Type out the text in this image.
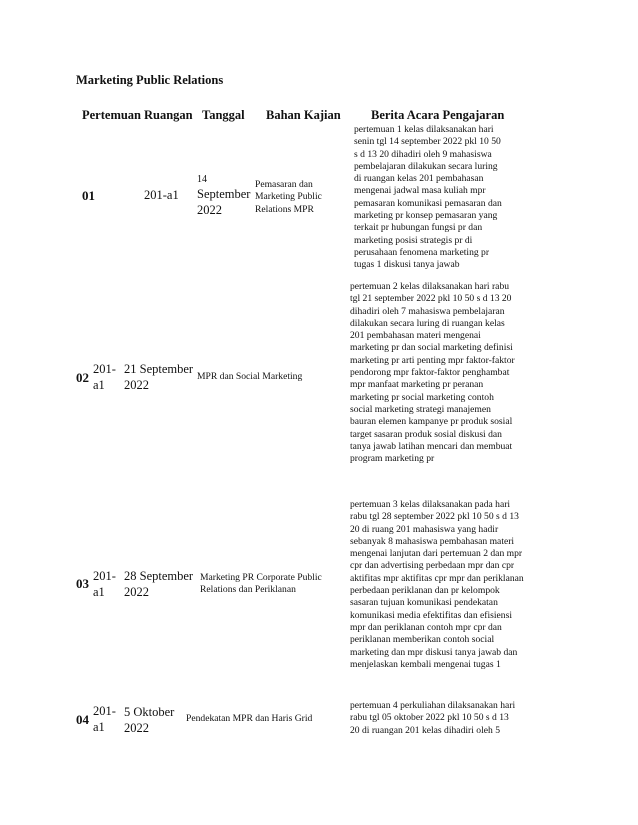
Marketing Public Relations
Pertemuan Ruangan Tanggal Bahan Kajian Berita Acara Pengajaran
01	201-a1
14
September
2022
Pemasaran dan
Marketing Public
Relations MPR
pertemuan 1 kelas dilaksanakan hari
senin tgl 14 september 2022 pkl 10 50
s d 13 20 dihadiri oleh 9 mahasiswa
pembelajaran dilakukan secara luring
di ruangan kelas 201 pembahasan
mengenai jadwal masa kuliah mpr
pemasaran komunikasi pemasaran dan
marketing pr konsep pemasaran yang
terkait pr hubungan fungsi pr dan
marketing posisi strategis pr di
perusahaan fenomena marketing pr
tugas 1 diskusi tanya jawab
02
201-
a1
21 September
2022
MPR dan Social Marketing
pertemuan 2 kelas dilaksanakan hari rabu
tgl 21 september 2022 pkl 10 50 s d 13 20
dihadiri oleh 7 mahasiswa pembelajaran
dilakukan secara luring di ruangan kelas
201 pembahasan materi mengenai
marketing pr dan social marketing definisi
marketing pr arti penting mpr faktor-faktor
pendorong mpr faktor-faktor penghambat
mpr manfaat marketing pr peranan
marketing pr social marketing contoh
social marketing strategi manajemen
bauran elemen kampanye pr produk sosial
target sasaran produk sosial diskusi dan
tanya jawab latihan mencari dan membuat
program marketing pr
03 201-
a1
28 September
2022
Marketing PR Corporate Public
Relations dan Periklanan
pertemuan 3 kelas dilaksanakan pada hari
rabu tgl 28 september 2022 pkl 10 50 s d 13
20 di ruang 201 mahasiswa yang hadir
sebanyak 8 mahasiswa pembahasan materi
mengenai lanjutan dari pertemuan 2 dan mpr
cpr dan advertising perbedaan mpr dan cpr
aktifitas mpr aktifitas cpr mpr dan periklanan
perbedaan periklanan dan pr kelompok
sasaran tujuan komunikasi pendekatan
komunikasi media efektifitas dan efisiensi
mpr dan periklanan contoh mpr cpr dan
periklanan memberikan contoh social
marketing dan mpr diskusi tanya jawab dan
menjelaskan kembali mengenai tugas 1
04
201-
a1
5 Oktober
2022
Pendekatan MPR dan Haris Grid
pertemuan 4 perkuliahan dilaksanakan hari
rabu tgl 05 oktober 2022 pkl 10 50 s d 13
20 di ruangan 201 kelas dihadiri oleh 5
